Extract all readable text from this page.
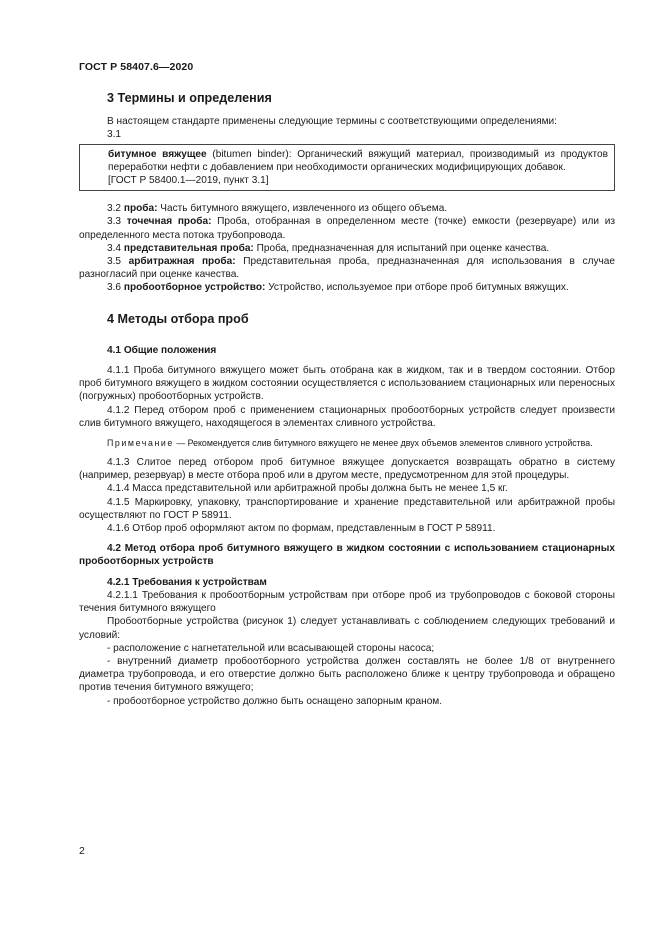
ГОСТ Р 58407.6—2020
3 Термины и определения

В настоящем стандарте применены следующие термины с соответствующими определениями:

3.1

битумное вяжущее (bitumen binder): Органический вяжущий материал, производимый из продуктов переработки нефти с добавлением при необходимости органических модифицирующих добавок.

[ГОСТ Р 58400.1—2019, пункт 3.1]

3.2 проба: Часть битумного вяжущего, извлеченного из общего объема.

3.3 точечная проба: Проба, отобранная в определенном месте (точке) емкости (резервуаре) или из определенного места потока трубопровода.

3.4 представительная проба: Проба, предназначенная для испытаний при оценке качества.

3.5 арбитражная проба: Представительная проба, предназначенная для использования в случае разногласий при оценке качества.

3.6 пробоотборное устройство: Устройство, используемое при отборе проб битумных вяжущих.

4 Методы отбора проб

4.1 Общие положения

4.1.1 Проба битумного вяжущего может быть отобрана как в жидком, так и в твердом состоянии. Отбор проб битумного вяжущего в жидком состоянии осуществляется с использованием стационарных или переносных (погружных) пробоотборных устройств.

4.1.2 Перед отбором проб с применением стационарных пробоотборных устройств следует произвести слив битумного вяжущего, находящегося в элементах сливного устройства.

Примечание — Рекомендуется слив битумного вяжущего не менее двух объемов элементов сливного устройства.

4.1.3 Слитое перед отбором проб битумное вяжущее допускается возвращать обратно в систему (например, резервуар) в месте отбора проб или в другом месте, предусмотренном для этой процедуры.

4.1.4 Масса представительной или арбитражной пробы должна быть не менее 1,5 кг.

4.1.5 Маркировку, упаковку, транспортирование и хранение представительной или арбитражной пробы осуществляют по ГОСТ Р 58911.

4.1.6 Отбор проб оформляют актом по формам, представленным в ГОСТ Р 58911.

4.2 Метод отбора проб битумного вяжущего в жидком состоянии с использованием стационарных пробоотборных устройств

4.2.1 Требования к устройствам

4.2.1.1 Требования к пробоотборным устройствам при отборе проб из трубопроводов с боковой стороны течения битумного вяжущего

Пробоотборные устройства (рисунок 1) следует устанавливать с соблюдением следующих требований и условий:

- расположение с нагнетательной или всасывающей стороны насоса;

- внутренний диаметр пробоотборного устройства должен составлять не более 1/8 от внутреннего диаметра трубопровода, и его отверстие должно быть расположено ближе к центру трубопровода и обращено против течения битумного вяжущего;

- пробоотборное устройство должно быть оснащено запорным краном.

2
